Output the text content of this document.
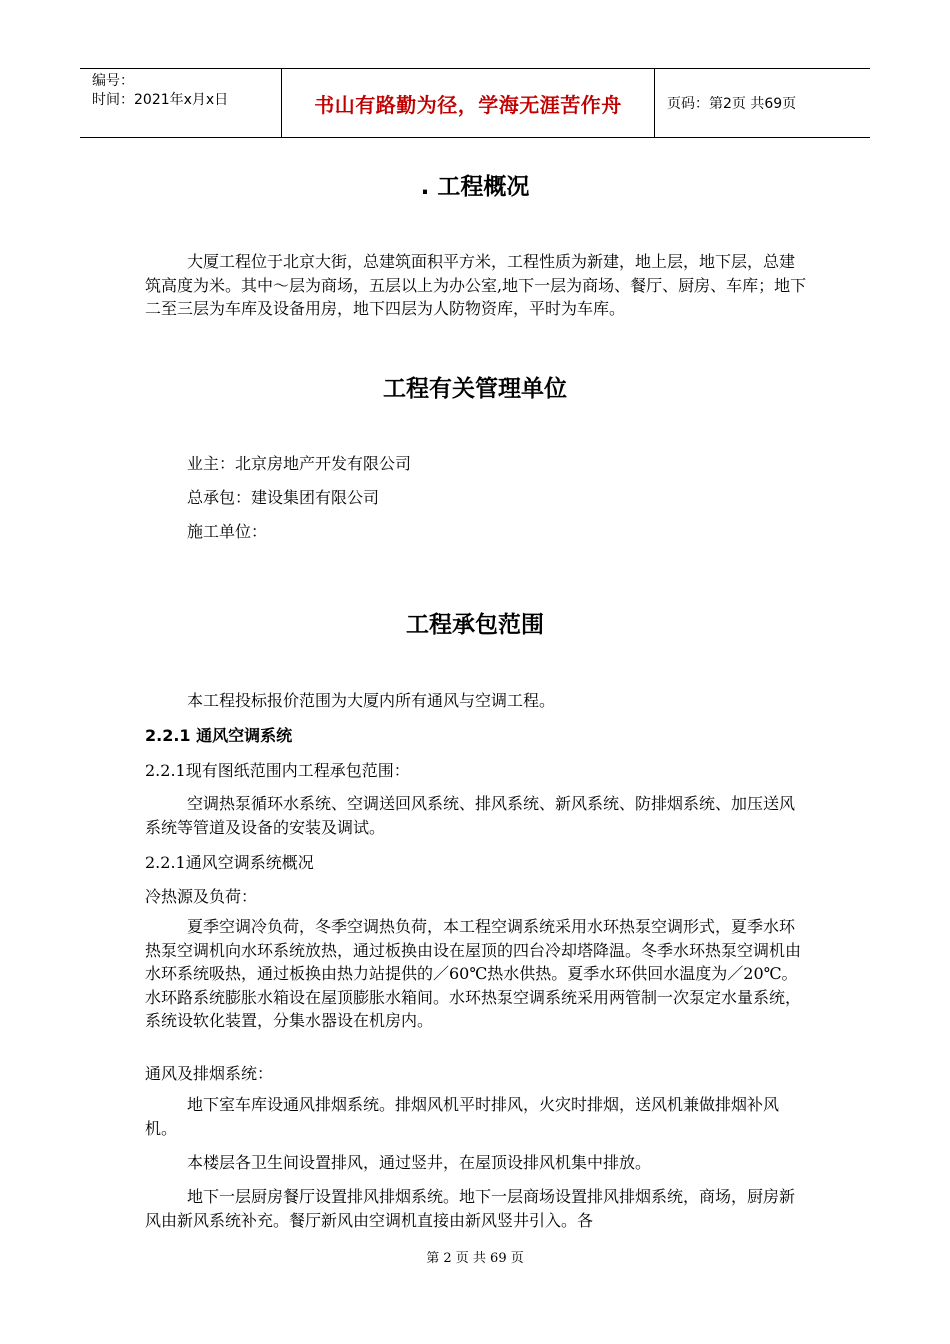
编号：
时间：2021年x月x日	书山有路勤为径，学海无涯苦作舟	页码：第2页 共69页
. 工程概况
大厦工程位于北京大街，总建筑面积平方米，工程性质为新建，地上层，地下层，总建筑高度为米。其中～层为商场，五层以上为办公室,地下一层为商场、餐厅、厨房、车库；地下二至三层为车库及设备用房，地下四层为人防物资库，平时为车库。
工程有关管理单位
业主：北京房地产开发有限公司
总承包：建设集团有限公司
施工单位：
工程承包范围
本工程投标报价范围为大厦内所有通风与空调工程。
2.2.1 通风空调系统
2.2.1现有图纸范围内工程承包范围：
空调热泵循环水系统、空调送回风系统、排风系统、新风系统、防排烟系统、加压送风系统等管道及设备的安装及调试。
2.2.1通风空调系统概况
冷热源及负荷：
夏季空调冷负荷，冬季空调热负荷，本工程空调系统采用水环热泵空调形式，夏季水环热泵空调机向水环系统放热，通过板换由设在屋顶的四台冷却塔降温。冬季水环热泵空调机由水环系统吸热，通过板换由热力站提供的／60℃热水供热。夏季水环供回水温度为／20℃。水环路系统膨胀水箱设在屋顶膨胀水箱间。水环热泵空调系统采用两管制一次泵定水量系统，系统设软化装置，分集水器设在机房内。
通风及排烟系统：
地下室车库设通风排烟系统。排烟风机平时排风，火灾时排烟，送风机兼做排烟补风机。
本楼层各卫生间设置排风，通过竖井，在屋顶设排风机集中排放。
地下一层厨房餐厅设置排风排烟系统。地下一层商场设置排风排烟系统，商场，厨房新风由新风系统补充。餐厅新风由空调机直接由新风竖井引入。各
第 2 页 共 69 页
